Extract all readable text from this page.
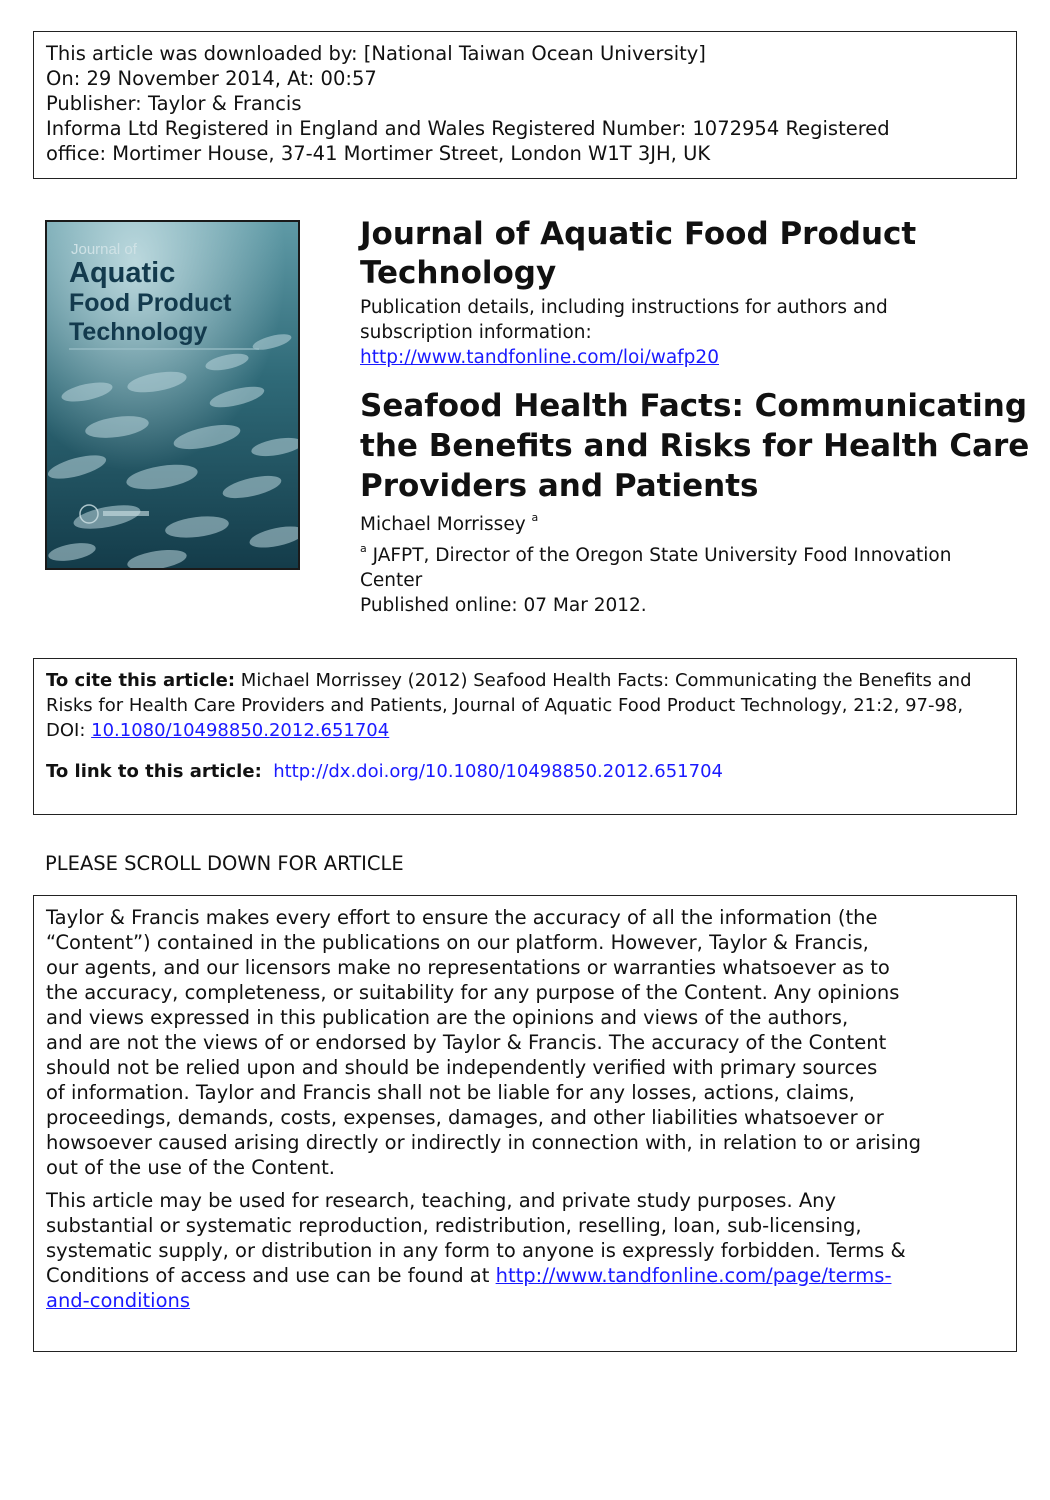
This article was downloaded by: [National Taiwan Ocean University]
On: 29 November 2014, At: 00:57
Publisher: Taylor & Francis
Informa Ltd Registered in England and Wales Registered Number: 1072954 Registered
office: Mortimer House, 37-41 Mortimer Street, London W1T 3JH, UK
Journal of
Aquatic
Food Product
Technology
Journal of Aquatic Food Product
Technology
Publication details, including instructions for authors and
subscription information:
http://www.tandfonline.com/loi/wafp20
Seafood Health Facts: Communicating
the Benefits and Risks for Health Care
Providers and Patients
Michael Morrissey $^a$
$^a$ JAFPT, Director of the Oregon State University Food Innovation
Center
Published online: 07 Mar 2012.
To cite this article: Michael Morrissey (2012) Seafood Health Facts: Communicating the Benefits and
Risks for Health Care Providers and Patients, Journal of Aquatic Food Product Technology, 21:2, 97-98,
DOI: 10.1080/10498850.2012.651704
To link to this article: http://dx.doi.org/10.1080/10498850.2012.651704
PLEASE SCROLL DOWN FOR ARTICLE
Taylor & Francis makes every effort to ensure the accuracy of all the information (the
“Content”) contained in the publications on our platform. However, Taylor & Francis,
our agents, and our licensors make no representations or warranties whatsoever as to
the accuracy, completeness, or suitability for any purpose of the Content. Any opinions
and views expressed in this publication are the opinions and views of the authors,
and are not the views of or endorsed by Taylor & Francis. The accuracy of the Content
should not be relied upon and should be independently verified with primary sources
of information. Taylor and Francis shall not be liable for any losses, actions, claims,
proceedings, demands, costs, expenses, damages, and other liabilities whatsoever or
howsoever caused arising directly or indirectly in connection with, in relation to or arising
out of the use of the Content.
This article may be used for research, teaching, and private study purposes. Any
substantial or systematic reproduction, redistribution, reselling, loan, sub-licensing,
systematic supply, or distribution in any form to anyone is expressly forbidden. Terms &
Conditions of access and use can be found at http://www.tandfonline.com/page/terms-
and-conditions
